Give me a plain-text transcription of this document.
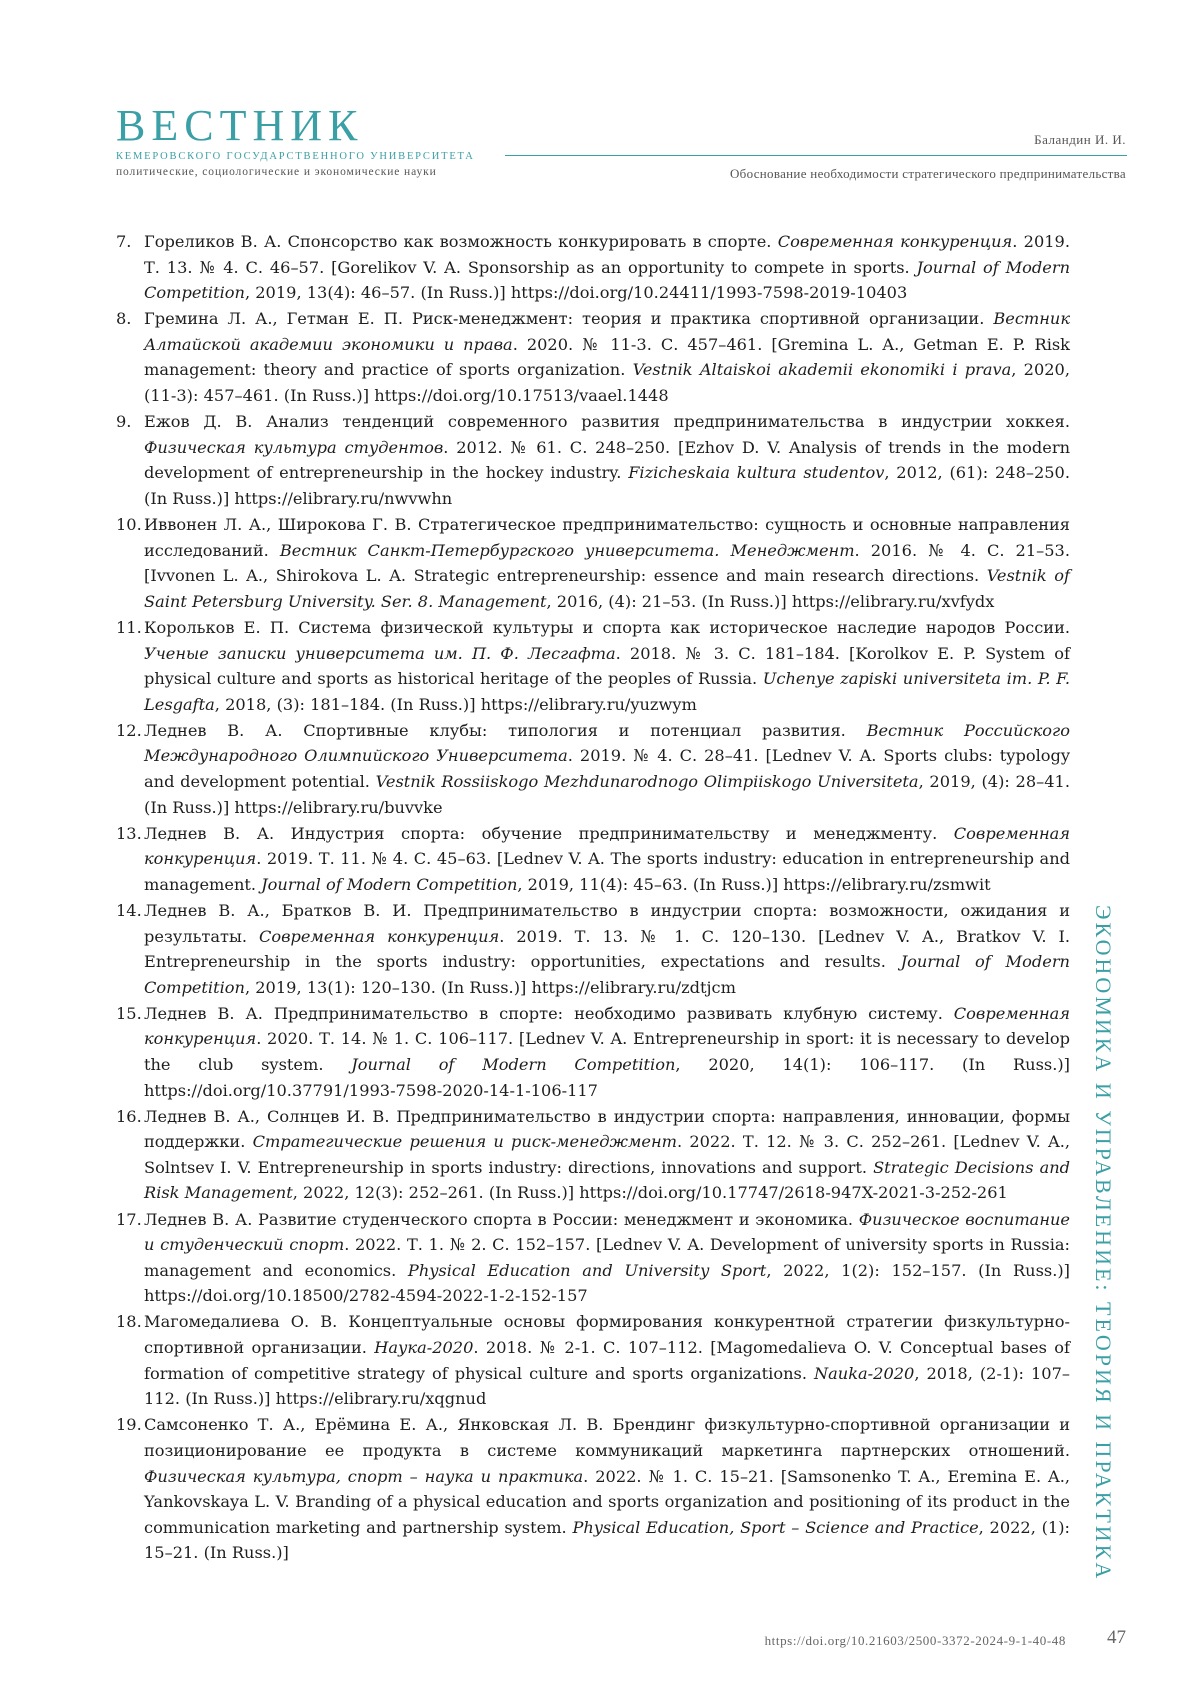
ВЕСТНИК
КЕМЕРОВСКОГО ГОСУДАРСТВЕННОГО УНИВЕРСИТЕТА
политические, социологические и экономические науки
Баландин И. И.
Обоснование необходимости стратегического предпринимательства
7. Гореликов В. А. Спонсорство как возможность конкурировать в спорте. Современная конкуренция. 2019. Т. 13. № 4. С. 46–57. [Gorelikov V. A. Sponsorship as an opportunity to compete in sports. Journal of Modern Competition, 2019, 13(4): 46–57. (In Russ.)] https://doi.org/10.24411/1993-7598-2019-10403
8. Гремина Л. А., Гетман Е. П. Риск-менеджмент: теория и практика спортивной организации. Вестник Алтайской академии экономики и права. 2020. № 11-3. С. 457–461. [Gremina L. A., Getman E. P. Risk management: theory and practice of sports organization. Vestnik Altaiskoi akademii ekonomiki i prava, 2020, (11-3): 457–461. (In Russ.)] https://doi.org/10.17513/vaael.1448
9. Ежов Д. В. Анализ тенденций современного развития предпринимательства в индустрии хоккея. Физическая культура студентов. 2012. № 61. С. 248–250. [Ezhov D. V. Analysis of trends in the modern development of entrepreneurship in the hockey industry. Fizicheskaia kultura studentov, 2012, (61): 248–250. (In Russ.)] https://elibrary.ru/nwvwhn
10. Иввонен Л. А., Широкова Г. В. Стратегическое предпринимательство: сущность и основные направления исследований. Вестник Санкт-Петербургского университета. Менеджмент. 2016. № 4. С. 21–53. [Ivvonen L. A., Shirokova L. A. Strategic entrepreneurship: essence and main research directions. Vestnik of Saint Petersburg University. Ser. 8. Management, 2016, (4): 21–53. (In Russ.)] https://elibrary.ru/xvfydx
11. Корольков Е. П. Система физической культуры и спорта как историческое наследие народов России. Ученые записки университета им. П. Ф. Лесгафта. 2018. № 3. С. 181–184. [Korolkov E. P. System of physical culture and sports as historical heritage of the peoples of Russia. Uchenye zapiski universiteta im. P. F. Lesgafta, 2018, (3): 181–184. (In Russ.)] https://elibrary.ru/yuzwym
12. Леднев В. А. Спортивные клубы: типология и потенциал развития. Вестник Российского Международного Олимпийского Университета. 2019. № 4. С. 28–41. [Lednev V. A. Sports clubs: typology and development potential. Vestnik Rossiiskogo Mezhdunarodnogo Olimpiiskogo Universiteta, 2019, (4): 28–41. (In Russ.)] https://elibrary.ru/buvvke
13. Леднев В. А. Индустрия спорта: обучение предпринимательству и менеджменту. Современная конкуренция. 2019. Т. 11. № 4. С. 45–63. [Lednev V. A. The sports industry: education in entrepreneurship and management. Journal of Modern Competition, 2019, 11(4): 45–63. (In Russ.)] https://elibrary.ru/zsmwit
14. Леднев В. А., Братков В. И. Предпринимательство в индустрии спорта: возможности, ожидания и результаты. Современная конкуренция. 2019. Т. 13. № 1. С. 120–130. [Lednev V. A., Bratkov V. I. Entrepreneurship in the sports industry: opportunities, expectations and results. Journal of Modern Competition, 2019, 13(1): 120–130. (In Russ.)] https://elibrary.ru/zdtjcm
15. Леднев В. А. Предпринимательство в спорте: необходимо развивать клубную систему. Современная конкуренция. 2020. Т. 14. № 1. С. 106–117. [Lednev V. A. Entrepreneurship in sport: it is necessary to develop the club system. Journal of Modern Competition, 2020, 14(1): 106–117. (In Russ.)] https://doi.org/10.37791/1993-7598-2020-14-1-106-117
16. Леднев В. А., Солнцев И. В. Предпринимательство в индустрии спорта: направления, инновации, формы поддержки. Стратегические решения и риск-менеджмент. 2022. Т. 12. № 3. С. 252–261. [Lednev V. A., Solntsev I. V. Entrepreneurship in sports industry: directions, innovations and support. Strategic Decisions and Risk Management, 2022, 12(3): 252–261. (In Russ.)] https://doi.org/10.17747/2618-947X-2021-3-252-261
17. Леднев В. А. Развитие студенческого спорта в России: менеджмент и экономика. Физическое воспитание и студенческий спорт. 2022. Т. 1. № 2. С. 152–157. [Lednev V. A. Development of university sports in Russia: management and economics. Physical Education and University Sport, 2022, 1(2): 152–157. (In Russ.)] https://doi.org/10.18500/2782-4594-2022-1-2-152-157
18. Магомедалиева О. В. Концептуальные основы формирования конкурентной стратегии физкультурно-спортивной организации. Наука-2020. 2018. № 2-1. С. 107–112. [Magomedalieva O. V. Conceptual bases of formation of competitive strategy of physical culture and sports organizations. Nauka-2020, 2018, (2-1): 107–112. (In Russ.)] https://elibrary.ru/xqgnud
19. Самсоненко Т. А., Ерёмина Е. А., Янковская Л. В. Брендинг физкультурно-спортивной организации и позиционирование ее продукта в системе коммуникаций маркетинга партнерских отношений. Физическая культура, спорт – наука и практика. 2022. № 1. С. 15–21. [Samsonenko T. A., Eremina E. A., Yankovskaya L. V. Branding of a physical education and sports organization and positioning of its product in the communication marketing and partnership system. Physical Education, Sport – Science and Practice, 2022, (1): 15–21. (In Russ.)]	ЭКОНОМИКА И УПРАВЛЕНИЕ: ТЕОРИЯ И ПРАКТИКА
https://doi.org/10.21603/2500-3372-2024-9-1-40-48 47
